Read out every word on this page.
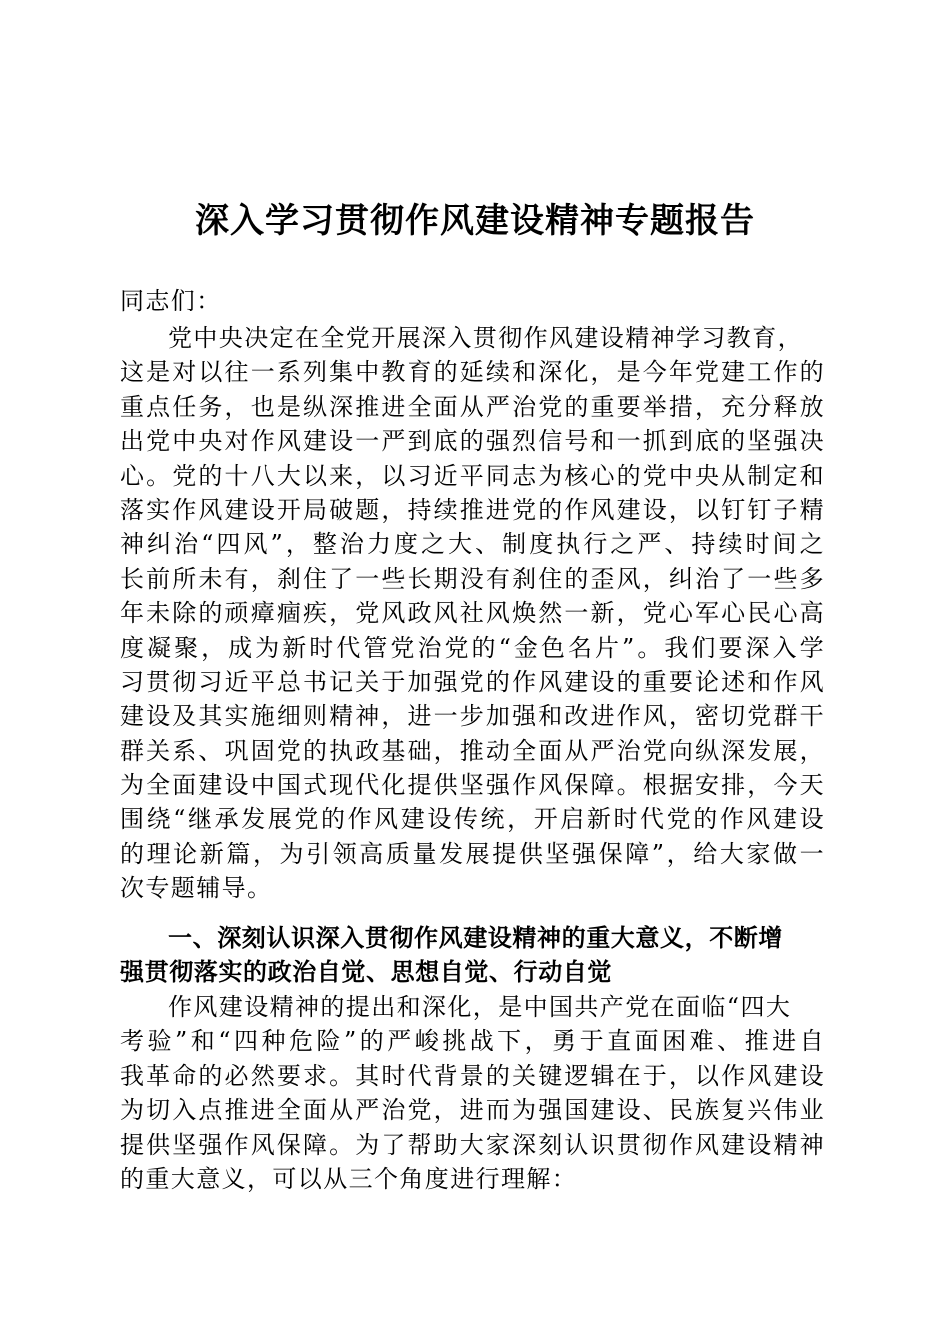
深入学习贯彻作风建设精神专题报告
同志们：
党中央决定在全党开展深入贯彻作风建设精神学习教育，
这是对以往一系列集中教育的延续和深化，是今年党建工作的
重点任务，也是纵深推进全面从严治党的重要举措，充分释放
出党中央对作风建设一严到底的强烈信号和一抓到底的坚强决
心。党的十八大以来，以习近平同志为核心的党中央从制定和
落实作风建设开局破题，持续推进党的作风建设，以钉钉子精
神纠治“四风”，整治力度之大、制度执行之严、持续时间之
长前所未有，刹住了一些长期没有刹住的歪风，纠治了一些多
年未除的顽瘴痼疾，党风政风社风焕然一新，党心军心民心高
度凝聚，成为新时代管党治党的“金色名片”。我们要深入学
习贯彻习近平总书记关于加强党的作风建设的重要论述和作风
建设及其实施细则精神，进一步加强和改进作风，密切党群干
群关系、巩固党的执政基础，推动全面从严治党向纵深发展，
为全面建设中国式现代化提供坚强作风保障。根据安排，今天
围绕“继承发展党的作风建设传统，开启新时代党的作风建设
的理论新篇，为引领高质量发展提供坚强保障”，给大家做一
次专题辅导。
一、深刻认识深入贯彻作风建设精神的重大意义，不断增
强贯彻落实的政治自觉、思想自觉、行动自觉
作风建设精神的提出和深化，是中国共产党在面临“四大
考验”和“四种危险”的严峻挑战下，勇于直面困难、推进自
我革命的必然要求。其时代背景的关键逻辑在于，以作风建设
为切入点推进全面从严治党，进而为强国建设、民族复兴伟业
提供坚强作风保障。为了帮助大家深刻认识贯彻作风建设精神
的重大意义，可以从三个角度进行理解：
